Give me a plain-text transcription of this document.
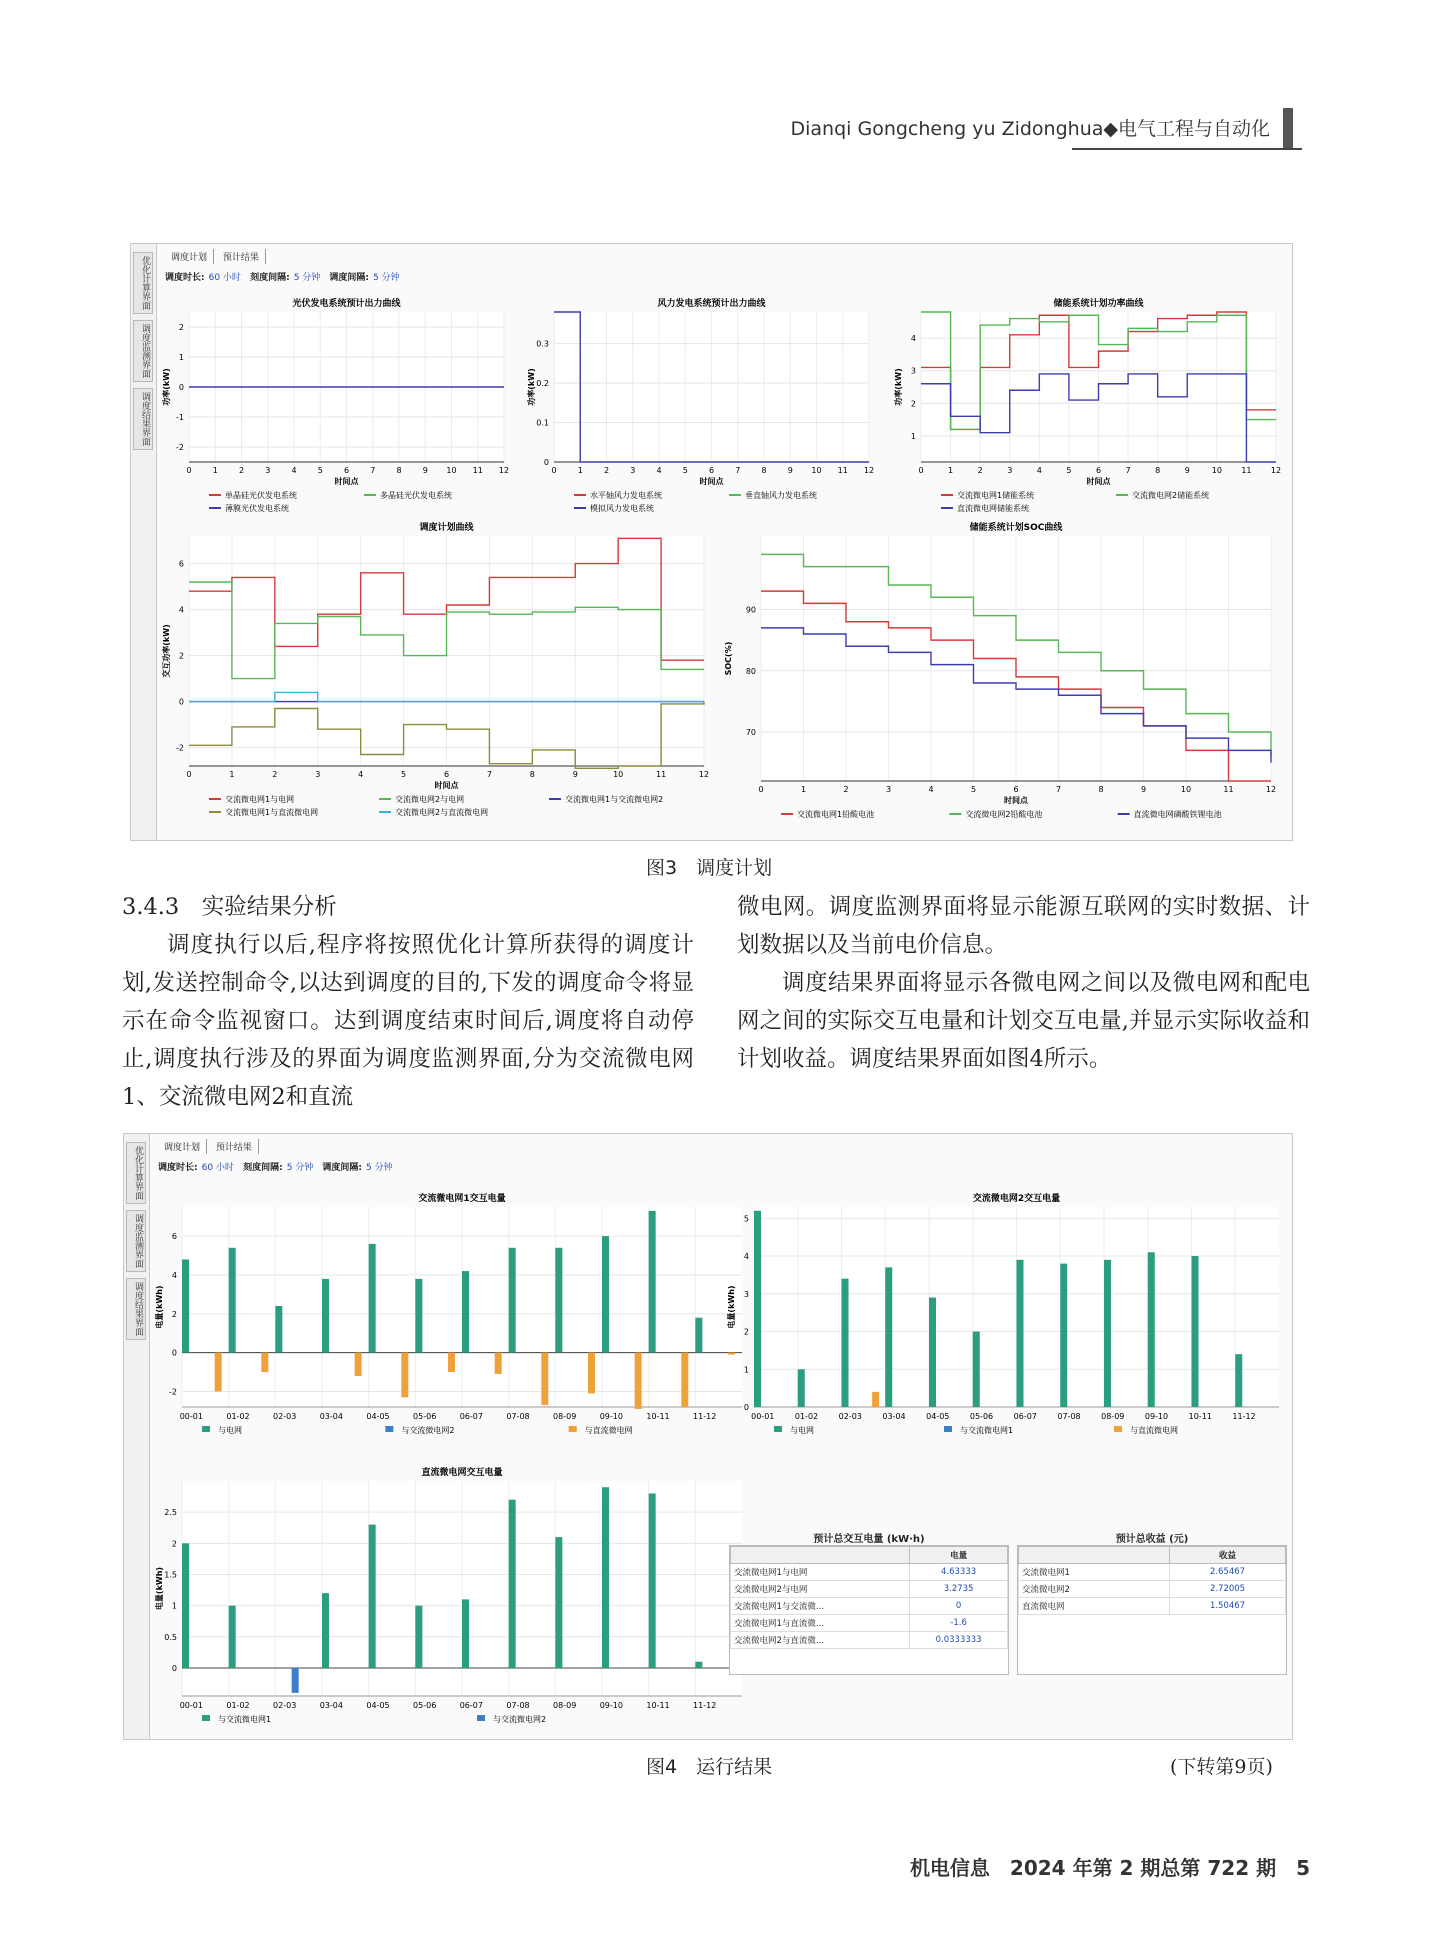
Dianqi Gongcheng yu Zidonghua◆电气工程与自动化
优化计算界面
调度监测界面
调度结果界面
调度计划 预计结果
调度时长: 60 小时 刻度间隔: 5 分钟 调度间隔: 5 分钟
光伏发电系统预计出力曲线
-2
-1
0
1
2
功率(kW)
0	1	2	3	4	5	6	7	8	9 10 11 12
时间点
单晶硅光伏发电系统	多晶硅光伏发电系统
薄膜光伏发电系统
风力发电系统预计出力曲线
0
0.1
0.2
0.3
功率(kW)
0	1	2	3	4	5	6	7	8	9 10 11 12
时间点
水平轴风力发电系统	垂直轴风力发电系统
模拟风力发电系统
储能系统计划功率曲线
1
2
3
4
功率(kW)
0	1	2	3	4	5	6	7	8	9	10 11 12
时间点
交流微电网1储能系统	交流微电网2储能系统
直流微电网储能系统
调度计划曲线
-2
0
2
4
6
交互功率(kW)
0	1	2	3	4	5	6	7	8	9	10	11	12
时间点
交流微电网1与电网	交流微电网2与电网	交流微电网1与交流微电网2
交流微电网1与直流微电网	交流微电网2与直流微电网
储能系统计划SOC曲线
70
80
90
SOC(%)
0	1	2	3	4	5	6	7	8	9	10	11	12
时间点
交流微电网1铅酸电池	交流微电网2铅酸电池	直流微电网磷酸铁锂电池
图3　调度计划

3.4.3　实验结果分析

调度执行以后,程序将按照优化计算所获得的调度计划,发送控制命令,以达到调度的目的,下发的调度命令将显示在命令监视窗口。达到调度结束时间后,调度将自动停止,调度执行涉及的界面为调度监测界面,分为交流微电网1、交流微电网2和直流

微电网。调度监测界面将显示能源互联网的实时数据、计划数据以及当前电价信息。

调度结果界面将显示各微电网之间以及微电网和配电网之间的实际交互电量和计划交互电量,并显示实际收益和计划收益。调度结果界面如图4所示。

优化计算界面
调度监测界面
调度结果界面
调度计划 预计结果
调度时长: 60 小时 刻度间隔: 5 分钟 调度间隔: 5 分钟
交流微电网1交互电量
-2
0
2
4
6
电量(kWh)
00-01	01-02	02-03	03-04	04-05	05-06	06-07	07-08	08-09	09-10	10-11	11-12
与电网	与交流微电网2	与直流微电网
交流微电网2交互电量
0
1
2
3
4
5
电量(kWh)
00-01	01-02	02-03	03-04	04-05	05-06	06-07	07-08	08-09	09-10	10-11	11-12
与电网	与交流微电网1	与直流微电网
直流微电网交互电量
0
0.5
1
1.5
2
2.5
电量(kWh)
00-01	01-02	02-03	03-04	04-05	05-06	06-07	07-08	08-09	09-10	10-11	11-12
与交流微电网1	与交流微电网2
预计总交互电量 (kW·h)
	电量
交流微电网1与电网	4.63333
交流微电网2与电网	3.2735
交流微电网1与交流微...	0
交流微电网1与直流微...	-1.6
交流微电网2与直流微...	0.0333333
预计总收益 (元)
	收益
交流微电网1	2.65467
交流微电网2	2.72005
直流微电网	1.50467
图4　运行结果	(下转第9页)
机电信息　2024 年第 2 期总第 722 期　5
